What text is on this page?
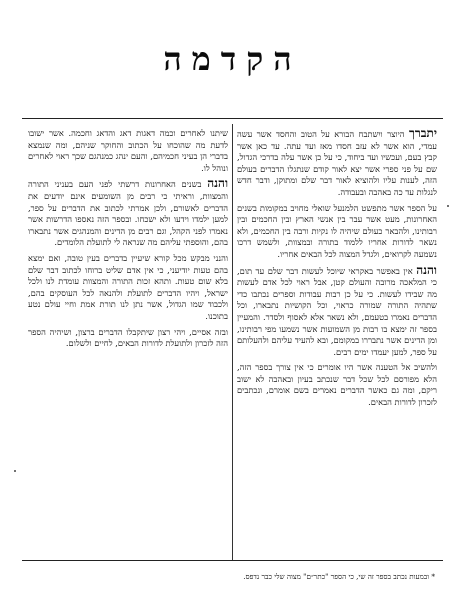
הקדמה

יתברך היוצר ויִשתבח הבורא על הטוב והחסד אשר עשה עמדי, הוא אשר לא עזב חסדו מאז ועד עתה. עד כאן אשר קבץ בעם, ועכשיו ועד ביחוד, כי על כן אשר עלה בדרכי הגדול, שם על פני ספרי אשר יצא לאור קודם שנתגלו הדברים בעולם הזה, לענות עליו ולהוציא לאור דבר שלם ומתוקן, ודבר חדש לנגלות עד כה באהבה ובעבודה.

על הספר אשר מתפשט הלמנעל שואלי מחויב במקומות בשנים האחרונות, מעט אשר עבר בין אנשי הארץ ובין החכמים ובין רבותינו, ולהבאר כעולם שיהיה לו נקיות ורבה בין החכמים, ולא נשאר לדורות אחריו ללמוד בתורה ובמצוות, ולשמש דרכו נשמעה לקרואים, ולגדל המצוה לכל הבאים אחריו.

והנה אין באפשר באקראי שיוכל לעשות דבר שלם עד תום, כי המלאכה מרובה והעולם קטן, אבל ראוי לכל אדם לעשות מה שבידו לעשות. כי על כן רבות עבודות וספרים נכתבו כדי שתהיה התורה שמורה כראוי, וכל הקושיות נתבארו, וכל הדברים נאמרו בטעמם, ולא נשאר אלא לאסוף ולסדר. והמעיין בספר זה ימצא בו רבות מן השמועות אשר נשמעו מפי רבותינו, ומן הדינים אשר נתבררו במקומם, ובא להעיד עליהם ולהעלותם על ספר, למען יעמדו ימים רבים.

ולהשיב אל הטענה אשר היו אומרים כי אין צורך בספר הזה, הלא מפורסם לכל שכל דבר שנכתב בעיון ובאהבה לא ישוב ריקם, ומה גם כאשר הדברים נאמרים בשם אומרם, ונכתבים לזכרון לדורות הבאים.

שיתנו לאחרים וכמה דאגות דאג והדאג וחכמה. אשר ישובו לדעת מה שהוכחו על הכתוב והחוקר שניהם, ומה שנמצא בדברי הן בעיני חכמיהם, והעם ינהג כמנהגם שכך ראוי לאחרים ונוהל לו.

והנה בשנים האחרונות דרשתי לפני העם בעניני התורה והמצוות, וראיתי כי רבים מן השומעים אינם יודעים את הדברים לאשורם, ולכן אמרתי לכתוב את הדברים על ספר, למען ילמדו וידעו ולא ישכחו. ובספר הזה נאספו הדרשות אשר נאמרו לפני הקהל, וגם רבים מן הדינים והמנהגים אשר נתבארו בהם, והוספתי עליהם מה שנראה לי לתועלת הלומדים.

והנני מבקש מכל קורא שיעיין בדברים בעין טובה, ואם ימצא בהם טעות יודיעני, כי אין אדם שליט ברוחו לכתוב דבר שלם בלא שום טעות. ותהא זכות התורה והמצוות עומדת לנו ולכל ישראל, ויהיו הדברים לתועלת ולהנאה לכל העוסקים בהם, ולכבוד שמו הגדול, אשר נתן לנו תורת אמת וחיי עולם נטע בתוכנו.

ובזה אסיים, ויהי רצון שיתקבלו הדברים ברצון, ושיהיה הספר הזה לזכרון ולתועלת לדורות הבאים, לחיים ולשלום.

* ובמעות נכתב בספר זה שי, כי הספר "כתר״ם" מצוה שלי כבר נדפס.
